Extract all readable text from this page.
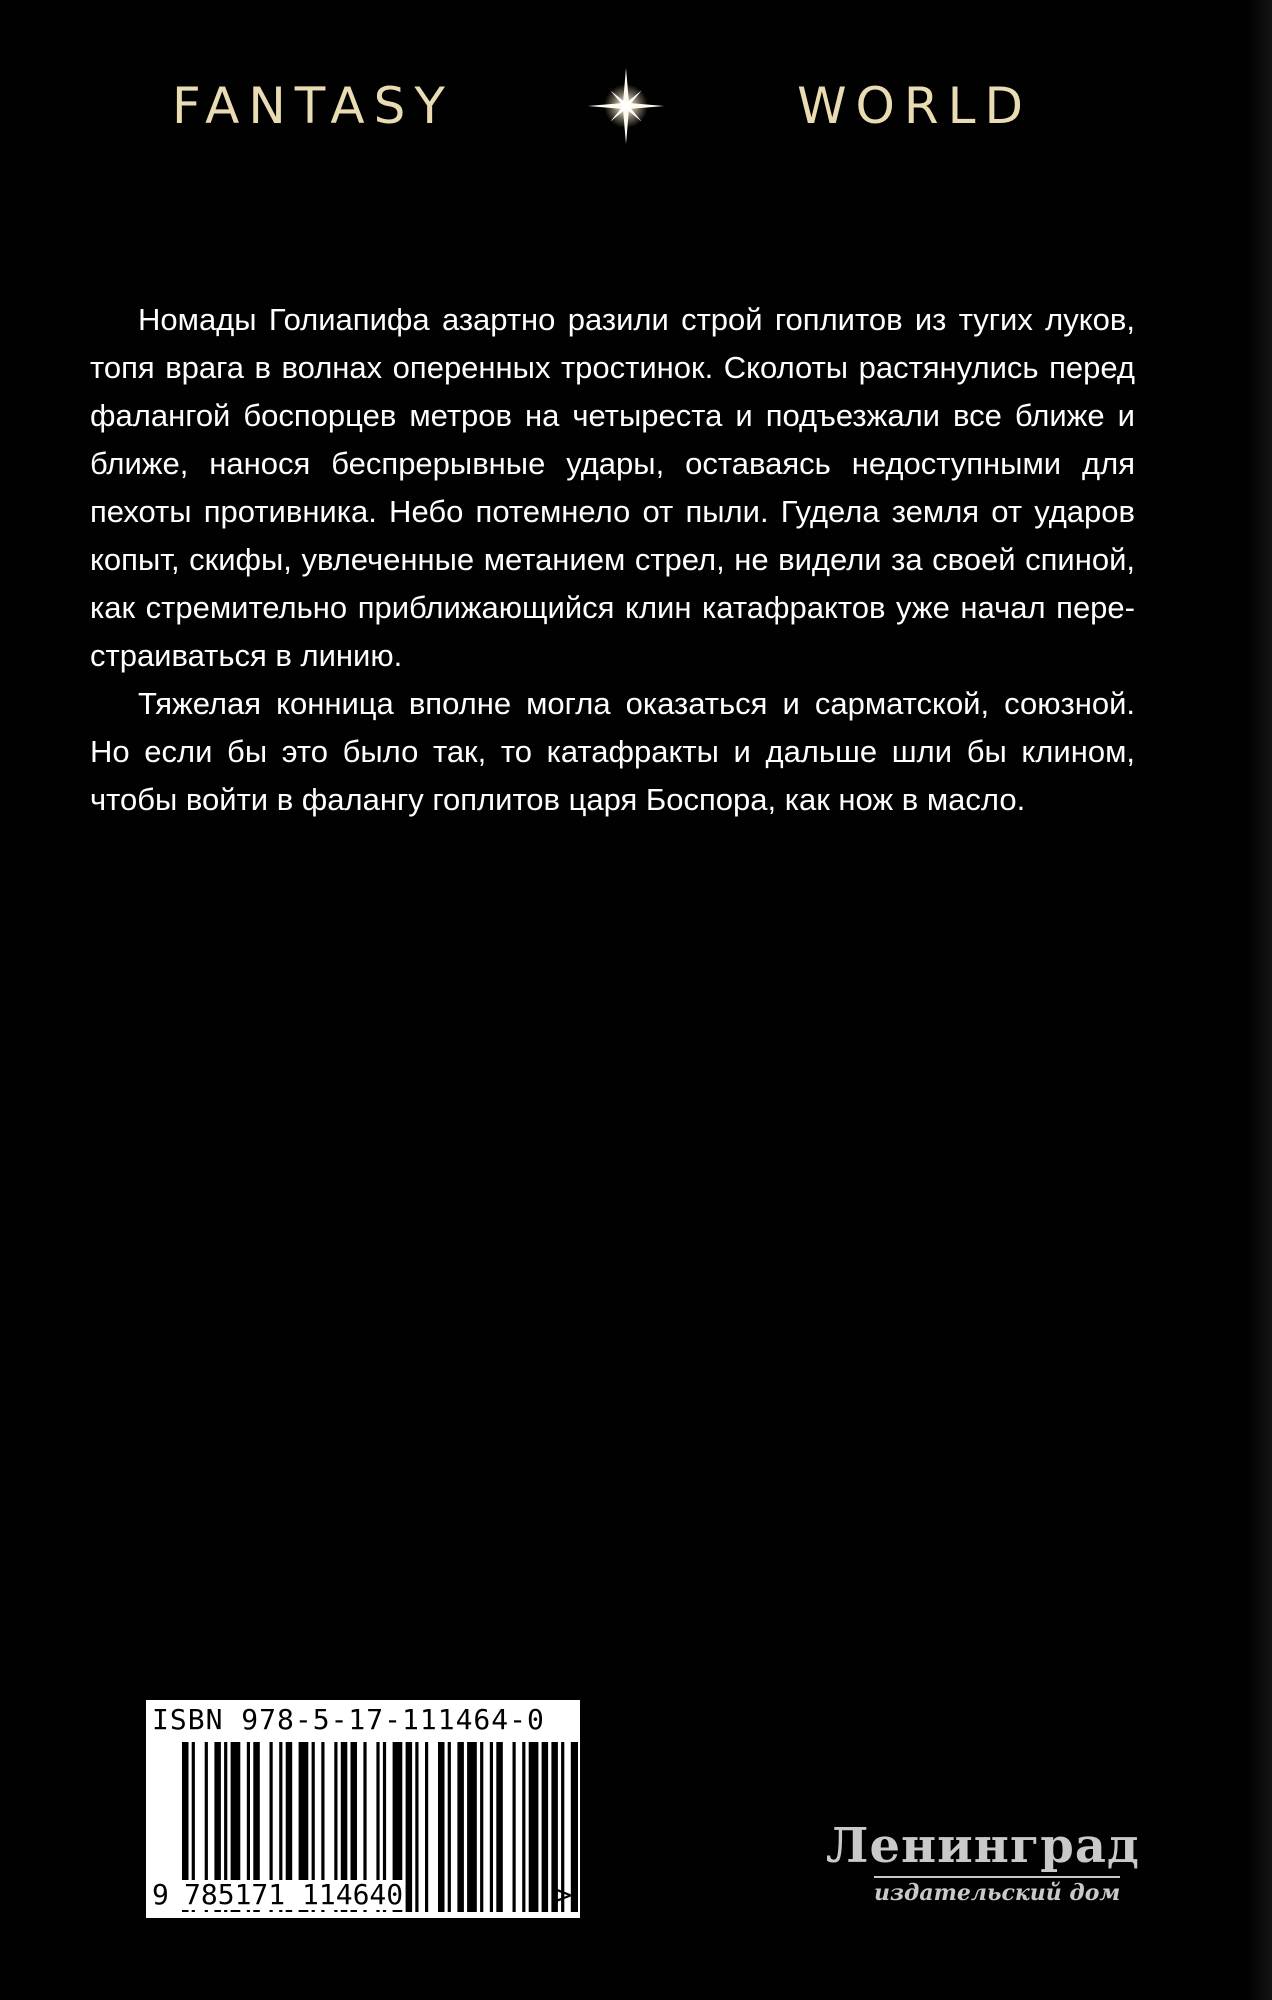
FANTASY	WORLD

Номады Голиапифа азартно разили строй гоплитов из тугих луков, топя врага в волнах оперенных тростинок. Сколоты растянулись перед фалангой боспорцев метров на четыреста и подъезжали все ближе и ближе, нанося беспрерывные удары, оставаясь недоступными для пехоты противника. Небо потемнело от пыли. Гудела земля от ударов копыт, скифы, увлеченные метанием стрел, не видели за своей спиной, как стремительно приближающийся клин катафрактов уже начал перестраиваться в линию.

Тяжелая конница вполне могла оказаться и сарматской, союзной. Но если бы это было так, то катафракты и дальше шли бы клином, чтобы войти в фалангу гоплитов царя Боспора, как нож в масло.

ISBN 978-5-17-111464-0
9 785171 114640	>
Ленинград
издательский дом
